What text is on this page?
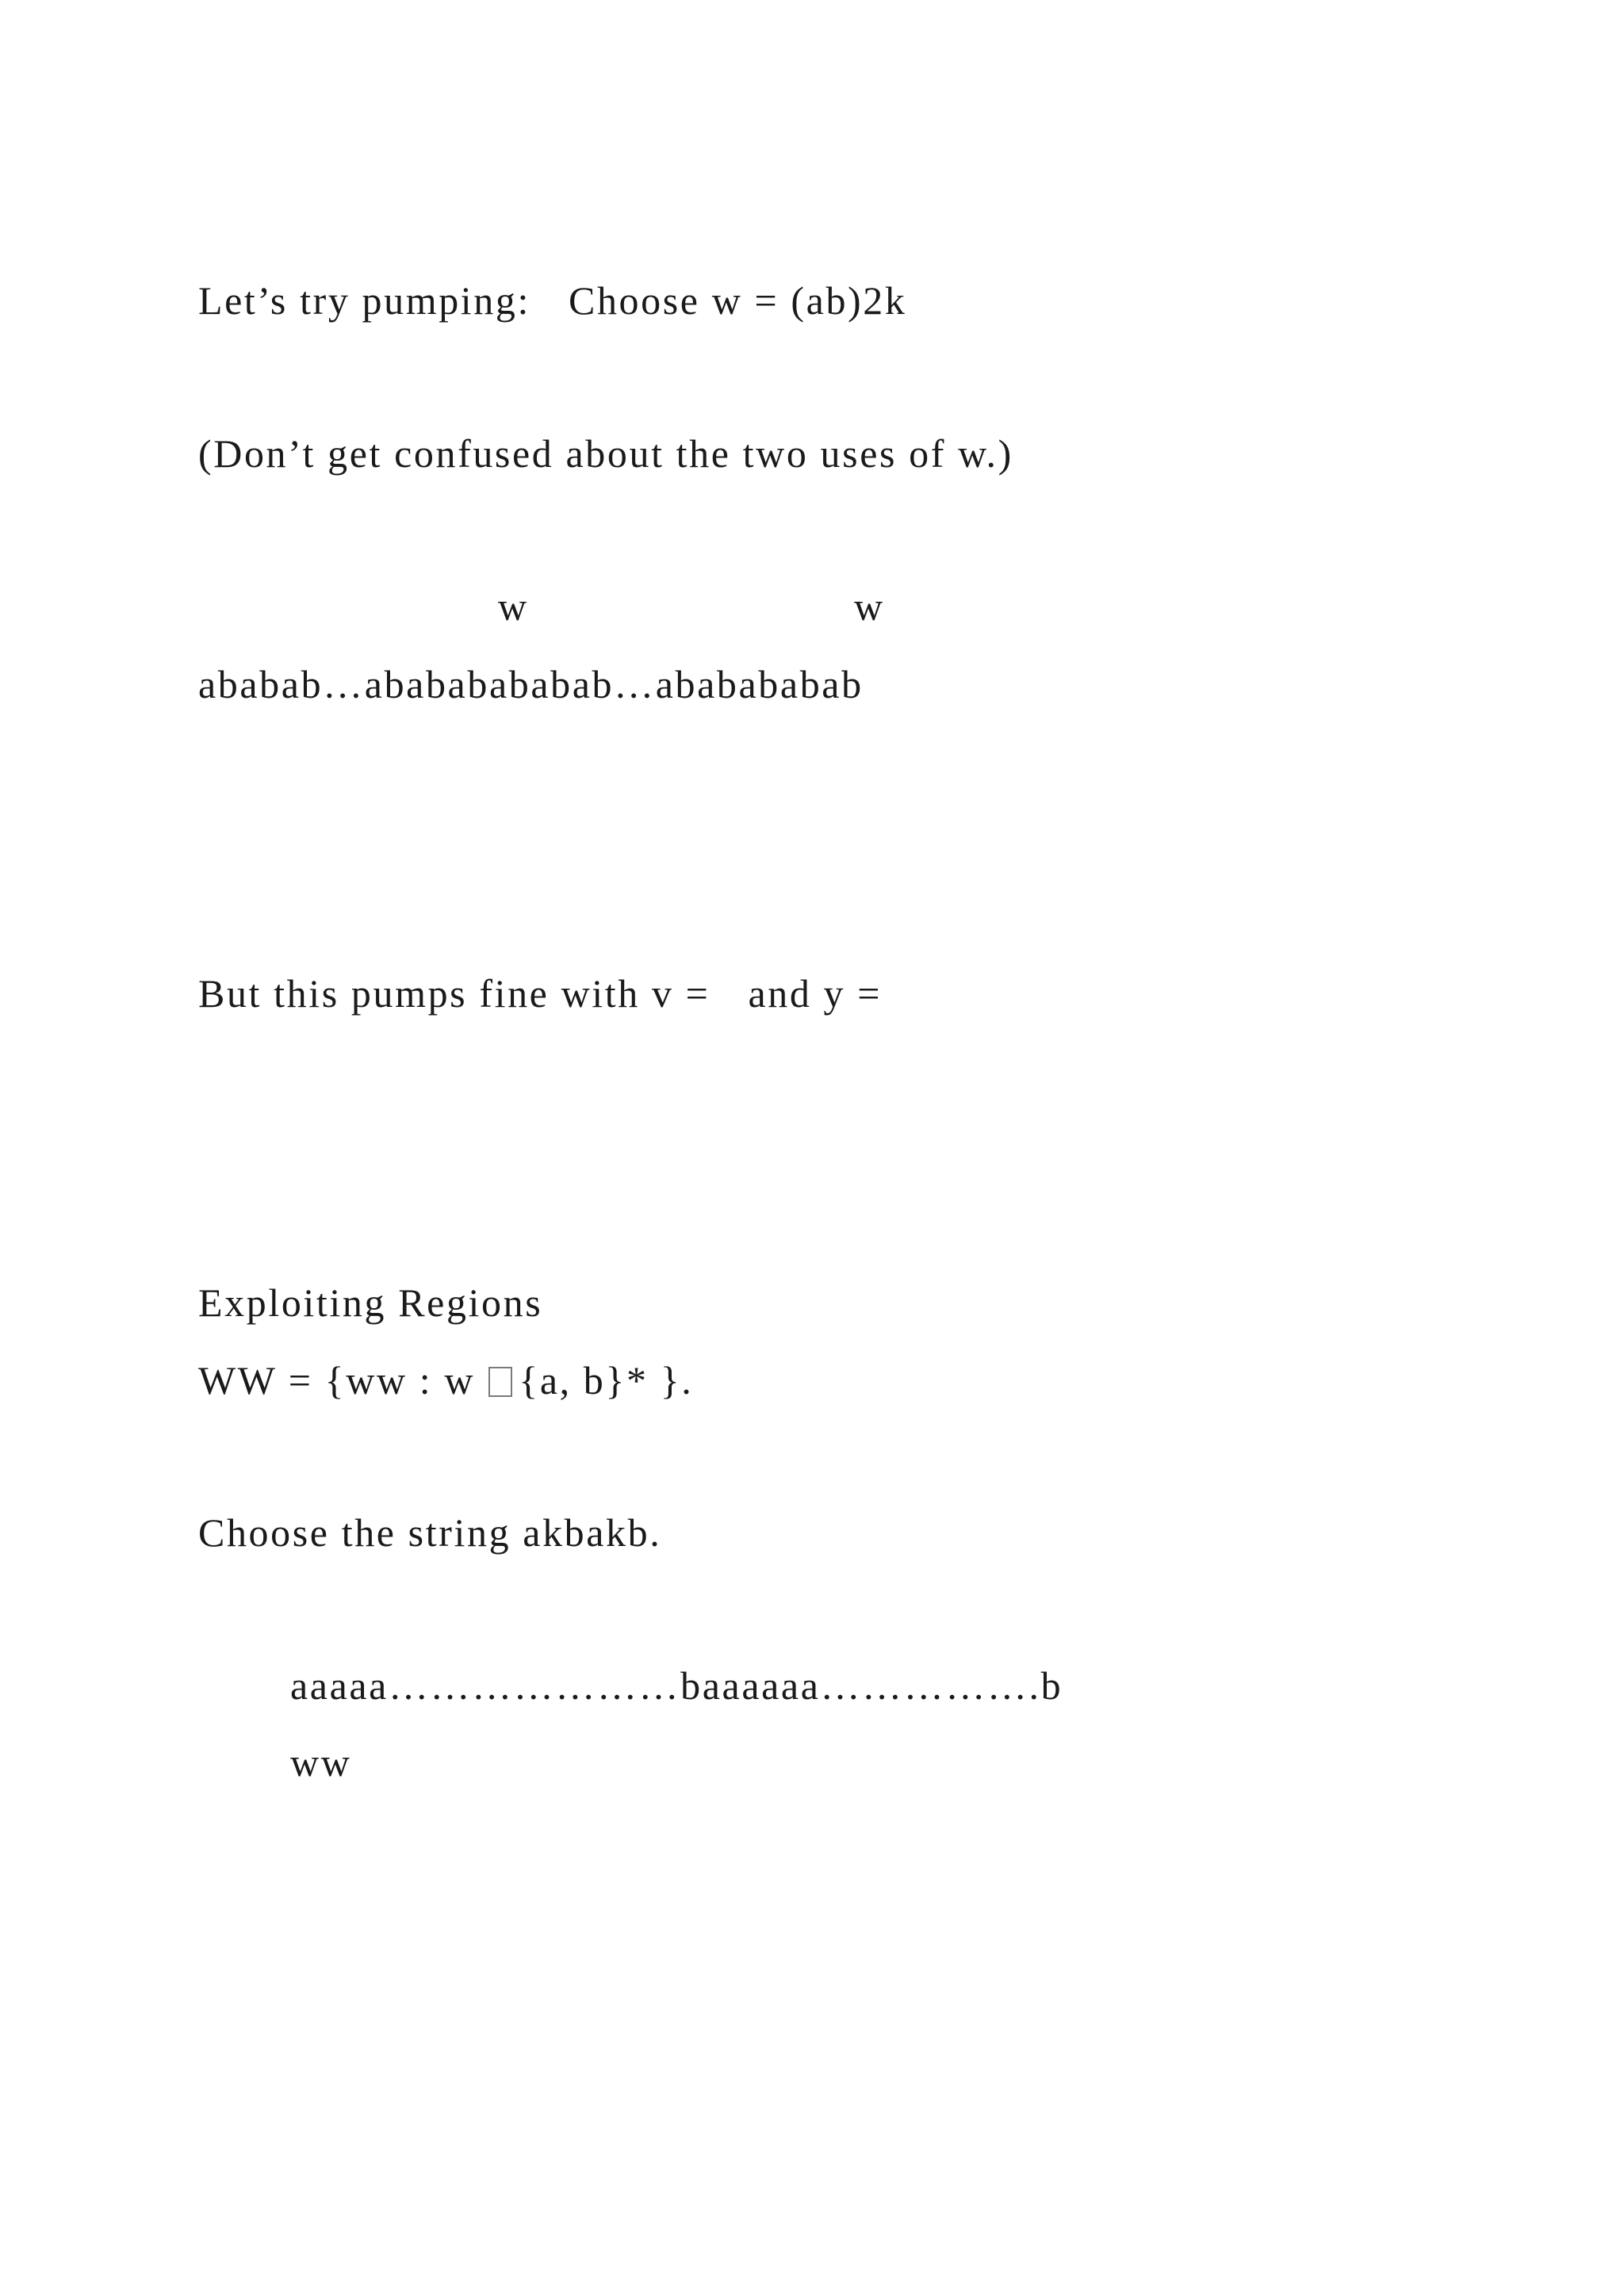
Let’s try pumping: Choose w = (ab)2k
(Don’t get confused about the two uses of w.)
w	w
ababab…abababababab…ababababab
But this pumps fine with v = and y =
Exploiting Regions
WW = {ww : w {a, b}* }.
Choose the string akbakb.
aaaaa…………………baaaaaa…………….b
ww
